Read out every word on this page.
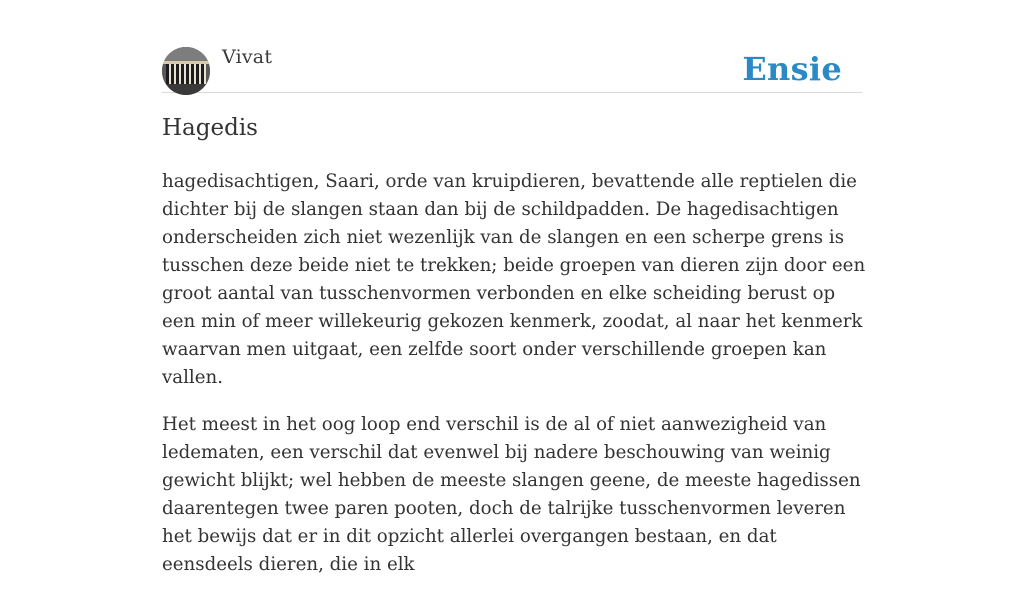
Vivat	Ensie
Hagedis

hagedisachtigen, Saari, orde van kruipdieren, bevattende alle reptielen die dichter bij de slangen staan dan bij de schildpadden. De hagedisachtigen onderscheiden zich niet wezenlijk van de slangen en een scherpe grens is tusschen deze beide niet te trekken; beide groepen van dieren zijn door een groot aantal van tusschenvormen verbonden en elke scheiding berust op een min of meer willekeurig gekozen kenmerk, zoodat, al naar het kenmerk waarvan men uitgaat, een zelfde soort onder verschillende groepen kan vallen.

Het meest in het oog loop end verschil is de al of niet aanwezigheid van ledematen, een verschil dat evenwel bij nadere beschouwing van weinig gewicht blijkt; wel hebben de meeste slangen geene, de meeste hagedissen daarentegen twee paren pooten, doch de talrijke tusschenvormen leveren het bewijs dat er in dit opzicht allerlei overgangen bestaan, en dat eensdeels dieren, die in elk
